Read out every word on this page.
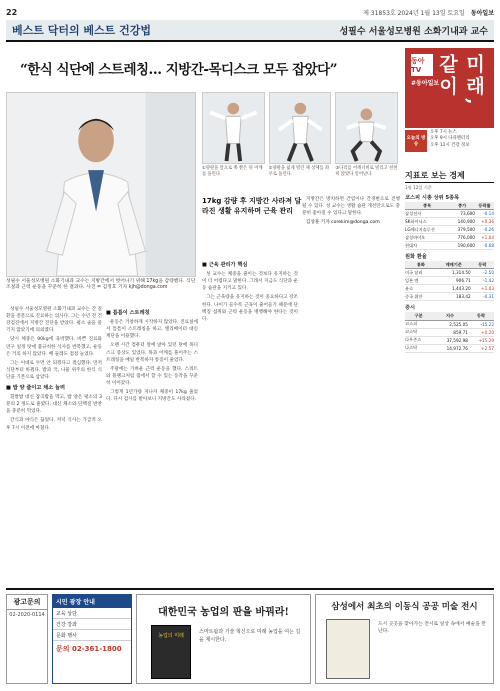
22	제 31853호 2024년 1월 13일 토요일 동아일보
베스트 닥터의 베스트 건강법	성필수 서울성모병원 소화기내과 교수
“한식 식단에 스트레칭… 지방간-목디스크 모두 잡았다”
성필수 서울성모병원 소화기내과 교수는 지방간에서 벗어나기 위해 17kg을 감량했다. 식단 조절과 근력 운동을 꾸준히 한 결과다. 사진 = 김정호 기자 kjh@donga.com
①양팔을 앞으로 쭉 뻗은 뒤 어깨를 돌린다.
②양팔을 넓게 벌린 채 상체를 좌우로 돌린다.
③다리를 어깨너비로 벌리고 천천히 앉았다 일어난다.
17kg 감량 후 지방간 사라져 달라진 생활 유지하며 근육 관리

성필수 서울성모병원 소화기내과 교수는 간 질환을 전문으로 진료하는 의사다. 그는 수년 전 건강검진에서 지방간 진단을 받았다. 평소 술을 즐기지 않았기에 의외였다.

당시 체중은 90kg에 육박했다. 바쁜 진료와 연구 일정 탓에 불규칙한 식사를 반복했고, 운동은 거의 하지 않았다. 배 둘레도 점점 늘었다.

그는 이대로 두면 안 되겠다고 결심했다. 먼저 식단부터 바꿨다. 밥과 국, 나물 위주의 한식 식단을 기본으로 삼았다.

■ 밥 양 줄이고 채소 늘려

흰쌀밥 대신 잡곡밥을 먹고, 밥 양은 평소의 3분의 2 정도로 줄였다. 대신 채소와 단백질 반찬을 충분히 먹었다.

간식과 야식은 끊었다. 저녁 식사는 가급적 오후 7시 이전에 마쳤다.

■ 틈틈이 스트레칭

운동은 거창하게 시작하지 않았다. 진료실에서 틈틈이 스트레칭을 하고, 엘리베이터 대신 계단을 이용했다.

오랜 시간 컴퓨터 앞에 앉아 있던 탓에 목디스크 증상도 있었다. 목과 어깨를 풀어주는 스트레칭을 매일 반복하자 통증이 줄었다.

주말에는 가벼운 근력 운동을 했다. 스쿼트와 플랭크처럼 집에서 할 수 있는 동작을 꾸준히 이어갔다.

그렇게 1년가량 지나자 체중이 17kg 줄었다. 다시 검사를 받아보니 지방간도 사라졌다.

■ 근육 관리가 핵심

성 교수는 체중을 줄이는 것보다 유지하는 것이 더 어렵다고 말한다. 그래서 지금도 식단과 운동 습관을 지키고 있다.

그는 근육량을 유지하는 것이 중요하다고 강조한다. 나이가 들수록 근육이 줄어들기 때문에 단백질 섭취와 근력 운동을 병행해야 한다는 것이다.

지방간은 방치하면 간염이나 간경변으로 진행될 수 있다. 성 교수는 생활 습관 개선만으로도 충분히 좋아질 수 있다고 말한다.

김상훈 기자 corekim@donga.com

동아 TV	미래, 같이
#동아일보
오늘의 방송
오후 7시 뉴스
오후 9시 다큐멘터리
오후 11시 건강 정보
지표로 보는 경제
1월 12일 기준
코스피 시총 상위 5종목
종목	종가	등락률
삼성전자	73,600	-0.14
SK하이닉스	140,900	+0.36
LG에너지솔루션	379,500	-0.26
삼성바이오	776,000	+1.04
현대차	190,600	-0.68
원화 환율
통화	매매기준	등락
미국 달러	1,314.50	-2.50
일본 엔	906.71	-1.42
유로	1,443.20	+1.03
중국 위안	183.42	-0.31
증시
구분	지수	등락
코스피	2,525.05	-15.22
코스닥	859.71	+0.20
다우존스	37,592.98	+15.29
나스닥	14,972.76	+2.57
광고문의
02-2020-0114
시민 광장 안내
교육 상담
건강 강좌
문화 행사
문의 02-361-1800
대한민국 농업의 판을 바꿔라!
농업의 미래
스마트팜과 기술 혁신으로 미래 농업을 여는 길을 제시한다.
삼성에서 최초의 이동식 공공 미술 전시
도시 곳곳을 찾아가는 전시로 일상 속에서 예술을 만난다.
